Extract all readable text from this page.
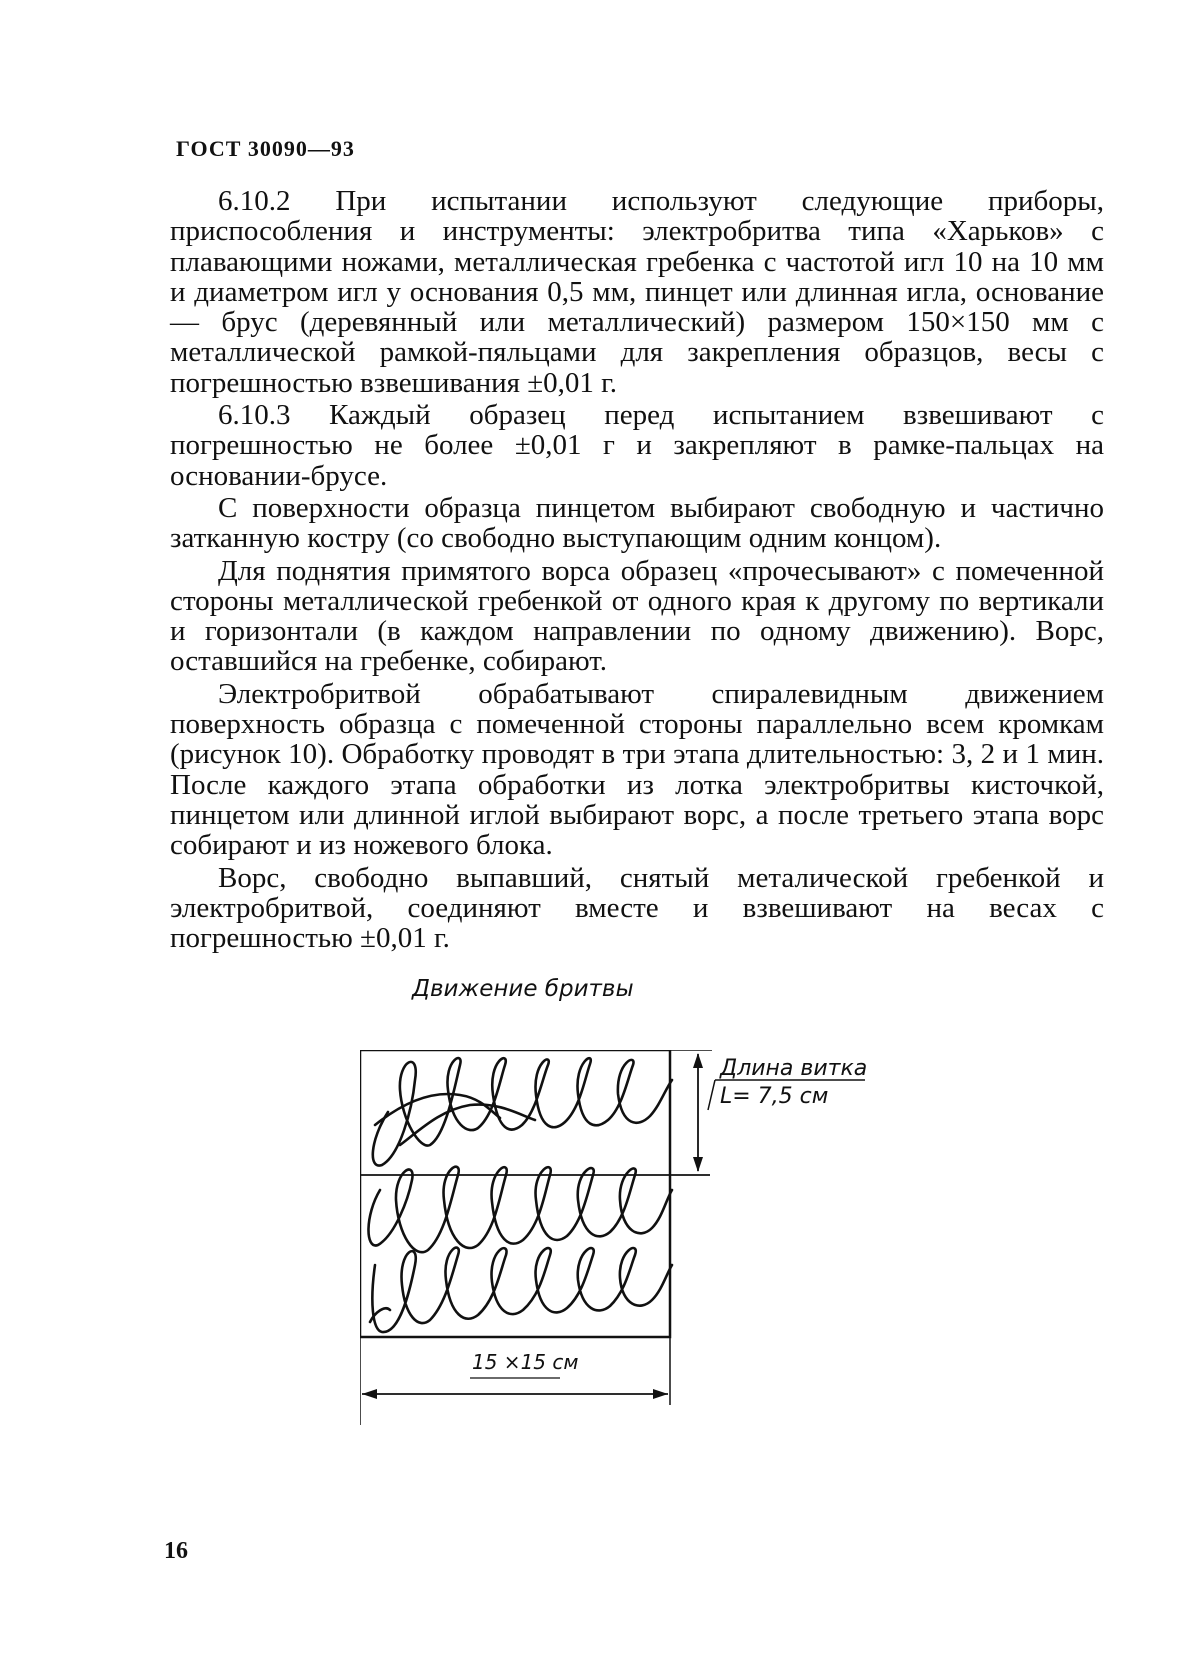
ГОСТ 30090—93

6.10.2 При испытании используют следующие приборы, приспособления и инструменты: электробритва типа «Харьков» с плавающими ножами, металлическая гребенка с частотой игл 10 на 10 мм и диаметром игл у основания 0,5 мм, пинцет или длинная игла, основание — брус (деревянный или металлический) размером 150×150 мм с металлической рамкой-пяльцами для закрепления образцов, весы с погрешностью взвешивания ±0,01 г.

6.10.3 Каждый образец перед испытанием взвешивают с погрешностью не более ±0,01 г и закрепляют в рамке-пальцах на основании-брусе.

С поверхности образца пинцетом выбирают свободную и частично затканную костру (со свободно выступающим одним концом).

Для поднятия примятого ворса образец «прочесывают» с помеченной стороны металлической гребенкой от одного края к другому по вертикали и горизонтали (в каждом направлении по одному движению). Ворс, оставшийся на гребенке, собирают.

Электробритвой обрабатывают спиралевидным движением поверхность образца с помеченной стороны параллельно всем кромкам (рисунок 10). Обработку проводят в три этапа длительностью: 3, 2 и 1 мин. После каждого этапа обработки из лотка электробритвы кисточкой, пинцетом или длинной иглой выбирают ворс, а после третьего этапа ворс собирают и из ножевого блока.

Ворс, свободно выпавший, снятый металической гребенкой и электробритвой, соединяют вместе и взвешивают на весах с погрешностью ±0,01 г.

Движение бритвы
Длина витка
L= 7,5 см
15 ×15 см
16
